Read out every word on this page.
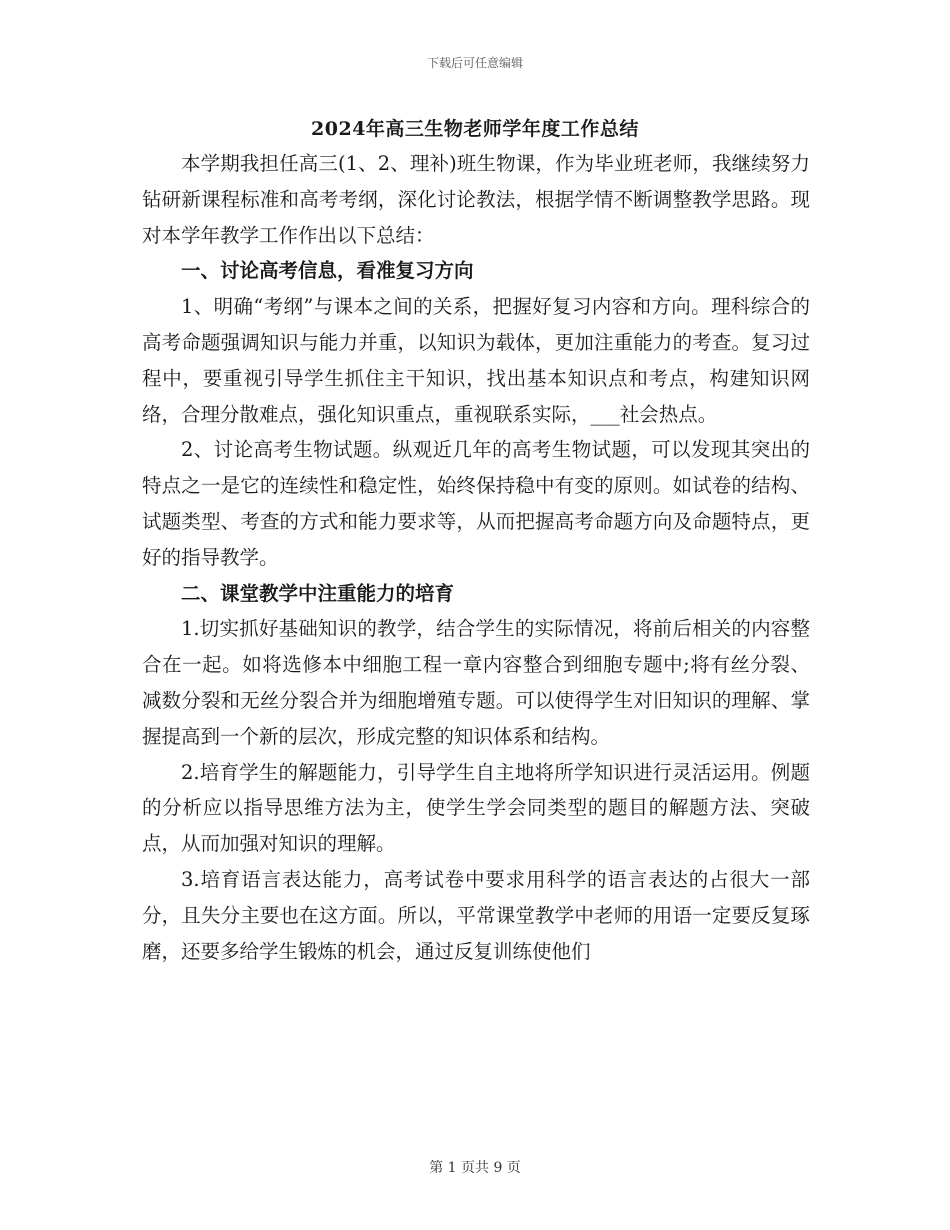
下载后可任意编辑
2024年高三生物老师学年度工作总结

本学期我担任高三(1、2、理补)班生物课，作为毕业班老师，我继续努力钻研新课程标准和高考考纲，深化讨论教法，根据学情不断调整教学思路。现对本学年教学工作作出以下总结：

一、讨论高考信息，看准复习方向

1、明确“考纲”与课本之间的关系，把握好复习内容和方向。理科综合的高考命题强调知识与能力并重，以知识为载体，更加注重能力的考查。复习过程中，要重视引导学生抓住主干知识，找出基本知识点和考点，构建知识网络，合理分散难点，强化知识重点，重视联系实际，___社会热点。

2、讨论高考生物试题。纵观近几年的高考生物试题，可以发现其突出的特点之一是它的连续性和稳定性，始终保持稳中有变的原则。如试卷的结构、试题类型、考查的方式和能力要求等，从而把握高考命题方向及命题特点，更好的指导教学。

二、课堂教学中注重能力的培育

1.切实抓好基础知识的教学，结合学生的实际情况，将前后相关的内容整合在一起。如将选修本中细胞工程一章内容整合到细胞专题中;将有丝分裂、减数分裂和无丝分裂合并为细胞增殖专题。可以使得学生对旧知识的理解、掌握提高到一个新的层次，形成完整的知识体系和结构。

2.培育学生的解题能力，引导学生自主地将所学知识进行灵活运用。例题的分析应以指导思维方法为主，使学生学会同类型的题目的解题方法、突破点，从而加强对知识的理解。

3.培育语言表达能力，高考试卷中要求用科学的语言表达的占很大一部分，且失分主要也在这方面。所以，平常课堂教学中老师的用语一定要反复琢磨，还要多给学生锻炼的机会，通过反复训练使他们

第 1 页共 9 页
